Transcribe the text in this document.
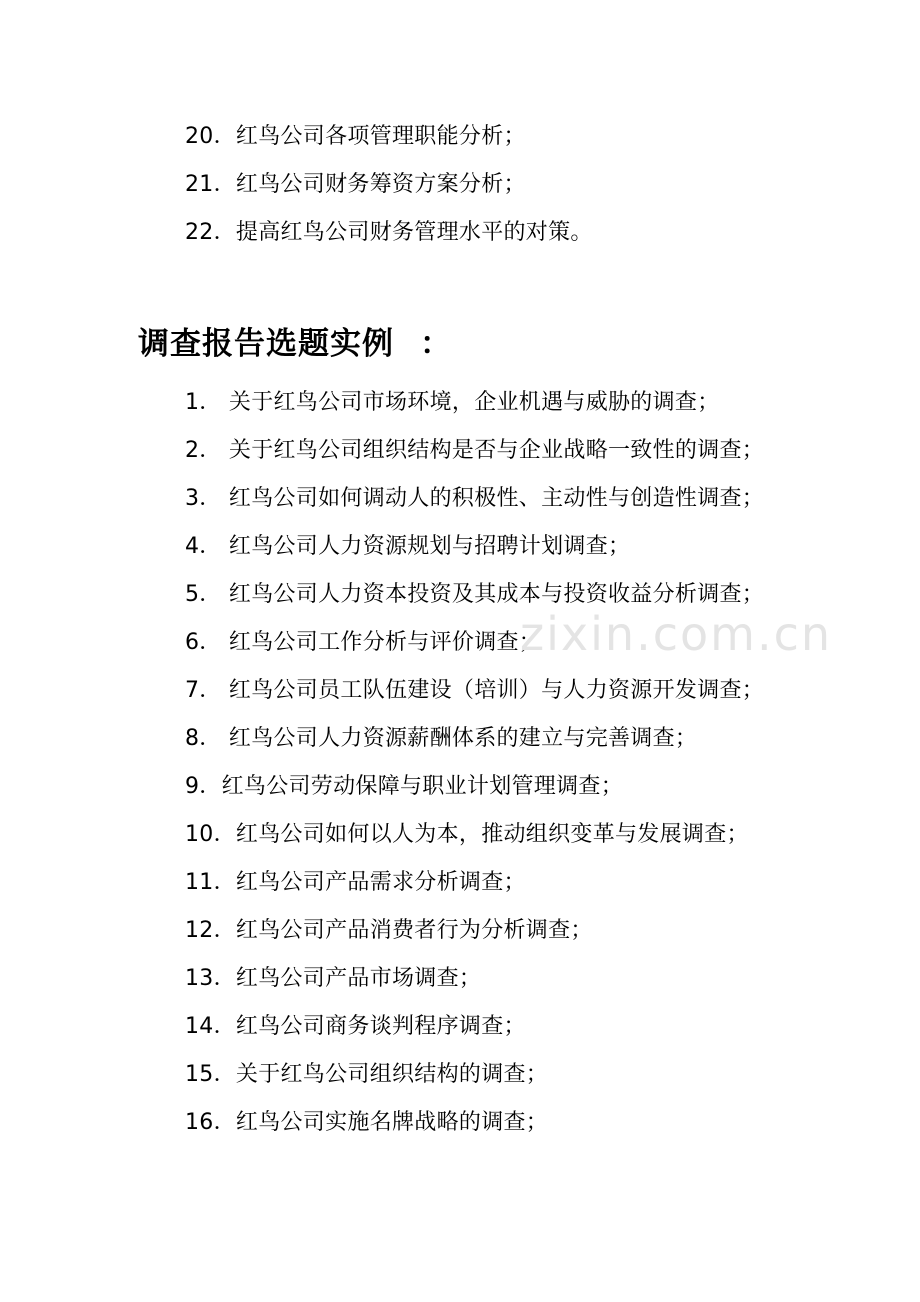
20．红鸟公司各项管理职能分析；
21．红鸟公司财务筹资方案分析；
22．提高红鸟公司财务管理水平的对策。
调查报告选题实例 ：
1． 关于红鸟公司市场环境，企业机遇与威胁的调查；
2． 关于红鸟公司组织结构是否与企业战略一致性的调查；
3． 红鸟公司如何调动人的积极性、主动性与创造性调查；
4． 红鸟公司人力资源规划与招聘计划调查；
5． 红鸟公司人力资本投资及其成本与投资收益分析调查；
6． 红鸟公司工作分析与评价调查；
7． 红鸟公司员工队伍建设（培训）与人力资源开发调查；
8． 红鸟公司人力资源薪酬体系的建立与完善调查；
9．红鸟公司劳动保障与职业计划管理调查；
10．红鸟公司如何以人为本，推动组织变革与发展调查；
11．红鸟公司产品需求分析调查；
12．红鸟公司产品消费者行为分析调查；
13．红鸟公司产品市场调查；
14．红鸟公司商务谈判程序调查；
15．关于红鸟公司组织结构的调查；
16．红鸟公司实施名牌战略的调查；
zixin.com.cn
